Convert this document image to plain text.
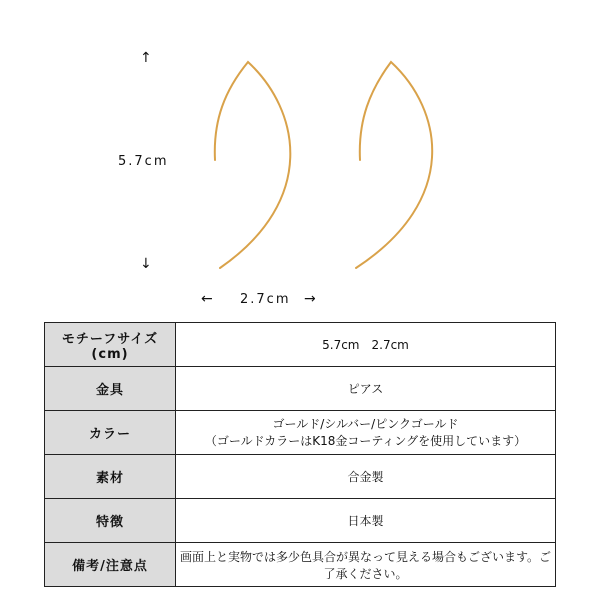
↑
5.7cm
↓
← 2.7cm →
モチーフサイズ(cm)	5.7cm　2.7cm
金具	ピアス
カラー	ゴールド/シルバー/ピンクゴールド
（ゴールドカラーはK18金コーティングを使用しています）

素材	合金製
特徴	日本製
備考/注意点	画面上と実物では多少色具合が異なって見える場合もございます。ご了承ください。
